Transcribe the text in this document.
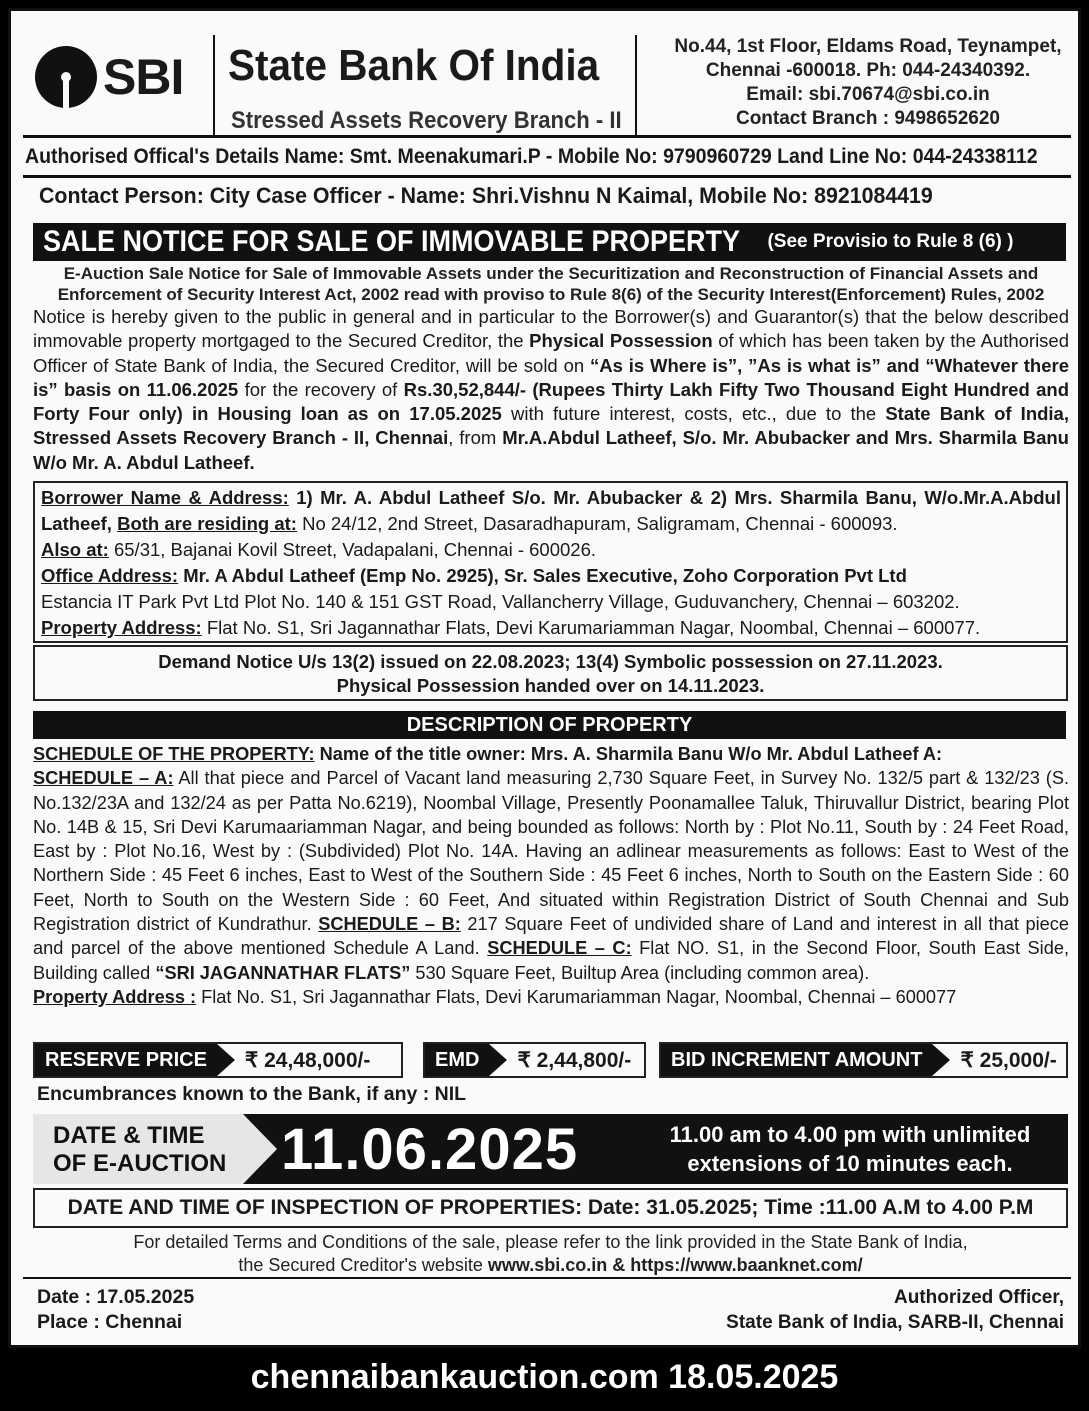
SBI State Bank Of India
Stressed Assets Recovery Branch - II
No.44, 1st Floor, Eldams Road, Teynampet,
Chennai -600018. Ph: 044-24340392.
Email: sbi.70674@sbi.co.in
Contact Branch : 9498652620
Authorised Offical's Details Name: Smt. Meenakumari.P - Mobile No: 9790960729 Land Line No: 044-24338112
Contact Person: City Case Officer - Name: Shri.Vishnu N Kaimal, Mobile No: 8921084419
SALE NOTICE FOR SALE OF IMMOVABLE PROPERTY (See Provisio to Rule 8 (6) )
E-Auction Sale Notice for Sale of Immovable Assets under the Securitization and Reconstruction of Financial Assets and Enforcement of Security Interest Act, 2002 read with proviso to Rule 8(6) of the Security Interest(Enforcement) Rules, 2002
Notice is hereby given to the public in general and in particular to the Borrower(s) and Guarantor(s) that the below described immovable property mortgaged to the Secured Creditor, the Physical Possession of which has been taken by the Authorised Officer of State Bank of India, the Secured Creditor, will be sold on “As is Where is”, ”As is what is” and “Whatever there is” basis on 11.06.2025 for the recovery of Rs.30,52,844/- (Rupees Thirty Lakh Fifty Two Thousand Eight Hundred and Forty Four only) in Housing loan as on 17.05.2025 with future interest, costs, etc., due to the State Bank of India, Stressed Assets Recovery Branch - II, Chennai, from Mr.A.Abdul Latheef, S/o. Mr. Abubacker and Mrs. Sharmila Banu W/o Mr. A. Abdul Latheef.
Borrower Name & Address: 1) Mr. A. Abdul Latheef S/o. Mr. Abubacker & 2) Mrs. Sharmila Banu, W/o.Mr.A.Abdul Latheef, Both are residing at: No 24/12, 2nd Street, Dasaradhapuram, Saligramam, Chennai - 600093.
Also at: 65/31, Bajanai Kovil Street, Vadapalani, Chennai - 600026.
Office Address: Mr. A Abdul Latheef (Emp No. 2925), Sr. Sales Executive, Zoho Corporation Pvt Ltd
Estancia IT Park Pvt Ltd Plot No. 140 & 151 GST Road, Vallancherry Village, Guduvanchery, Chennai – 603202.
Property Address: Flat No. S1, Sri Jagannathar Flats, Devi Karumariamman Nagar, Noombal, Chennai – 600077.
Demand Notice U/s 13(2) issued on 22.08.2023; 13(4) Symbolic possession on 27.11.2023.
Physical Possession handed over on 14.11.2023.
DESCRIPTION OF PROPERTY
SCHEDULE OF THE PROPERTY: Name of the title owner: Mrs. A. Sharmila Banu W/o Mr. Abdul Latheef A:
SCHEDULE – A: All that piece and Parcel of Vacant land measuring 2,730 Square Feet, in Survey No. 132/5 part & 132/23 (S. No.132/23A and 132/24 as per Patta No.6219), Noombal Village, Presently Poonamallee Taluk, Thiruvallur District, bearing Plot No. 14B & 15, Sri Devi Karumaariamman Nagar, and being bounded as follows: North by : Plot No.11, South by : 24 Feet Road, East by : Plot No.16, West by : (Subdivided) Plot No. 14A. Having an adlinear measurements as follows: East to West of the Northern Side : 45 Feet 6 inches, East to West of the Southern Side : 45 Feet 6 inches, North to South on the Eastern Side : 60 Feet, North to South on the Western Side : 60 Feet, And situated within Registration District of South Chennai and Sub Registration district of Kundrathur. SCHEDULE – B: 217 Square Feet of undivided share of Land and interest in all that piece and parcel of the above mentioned Schedule A Land. SCHEDULE – C: Flat NO. S1, in the Second Floor, South East Side, Building called “SRI JAGANNATHAR FLATS” 530 Square Feet, Builtup Area (including common area).
Property Address : Flat No. S1, Sri Jagannathar Flats, Devi Karumariamman Nagar, Noombal, Chennai – 600077
RESERVE PRICE	₹ 24,48,000/-	EMD	₹ 2,44,800/-	BID INCREMENT AMOUNT	₹ 25,000/-
Encumbrances known to the Bank, if any : NIL
DATE & TIME
OF E-AUCTION 11.06.2025	11.00 am to 4.00 pm with unlimited
extensions of 10 minutes each.
DATE AND TIME OF INSPECTION OF PROPERTIES: Date: 31.05.2025; Time :11.00 A.M to 4.00 P.M
For detailed Terms and Conditions of the sale, please refer to the link provided in the State Bank of India,
the Secured Creditor's website www.sbi.co.in & https://www.baanknet.com/
Date : 17.05.2025
Place : Chennai
Authorized Officer,
State Bank of India, SARB-II, Chennai
chennaibankauction.com 18.05.2025
